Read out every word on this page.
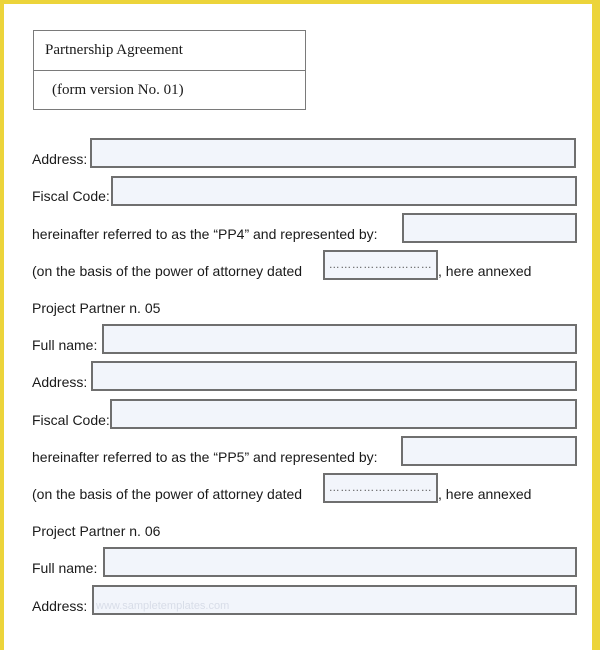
Partnership Agreement
(form version No. 01)
Address:
Fiscal Code:
hereinafter referred to as the “PP4” and represented by:
(on the basis of the power of attorney dated ……………………… , here annexed
Project Partner n. 05
Full name:
Address:
Fiscal Code:
hereinafter referred to as the “PP5” and represented by:
(on the basis of the power of attorney dated ……………………… , here annexed
Project Partner n. 06
Full name:
Address: www.sampletemplates.com
